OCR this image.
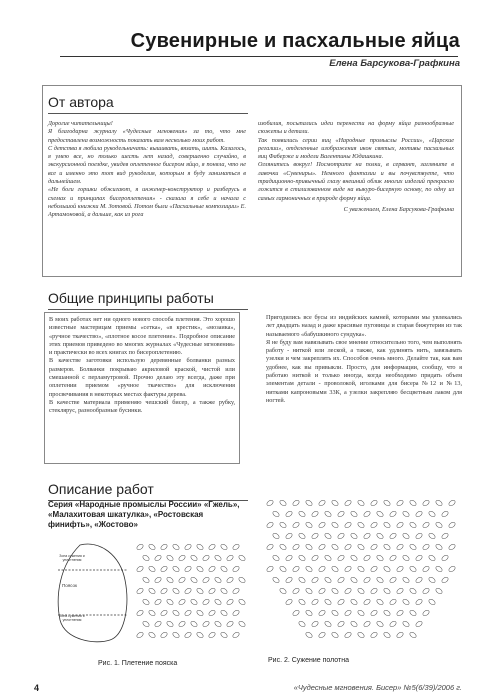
Сувенирные и пасхальные яйца
Елена Барсукова-Графкина
От автора

Дорогие читательницы!

Я благодарна журналу «Чудесные мгновения» за то, что мне предоставлена возможность показать вам несколько моих работ.

С детства я любила рукодельничать: вышивать, вязать, шить. Казалось, я умею все, но только шесть лет назад, совершенно случайно, в экскурсионной поездке, увидев оплетенное бисером яйцо, я поняла, что не все и именно это тот вид рукоделия, которым я буду заниматься в дальнейшем.

«Не боги горшки обжигают, я инженер-конструктор и разберусь в схемах и принципах бисероплетения» - сказала я себе и начала с небольшой книжки М. Зотовой. Потом были «Пасхальные композиции» Е. Артамоновой, а дальше, как из рога

изобилия, посыпались идеи перенести на форму яйца разнообразные сюжеты и детали.

Так появились серии яиц «Народные промыслы России», «Царские регалии», отделенные изображения икон святых, мотивы пасхальных яиц Фаберже и модели Валентины Юдашкина.

Оглянитесь вокруг! Посмотрите на полки, в сервант, загляните в лавочки «Сувениры». Немного фантазии и вы почувствуете, что традиционно-привычный глазу внешний облик многих изделий прекрасно ложится в стилизованном виде на выкуро-бисерную основу, по одну из самых гармоничных в природе форму яйца.

С уважением, Елена Барсукова-Графкина

Общие принципы работы

В моих работах нет ни одного нового способа плетения. Это хорошо известные мастерицам приемы «сетка», «в крестик», «мозаика», «ручное ткачество», «плотное косое плетение». Подробное описание этих приемов приведено во многих журналах «Чудесные мгновения» и практически во всех книгах по бисероплетению.

В качестве заготовки использую деревянные болванки разных размеров. Болванки покрываю акриловой краской, чистой или смешанной с перламутровой. Прочно делаю эту всегда, даже при оплетении приемом «ручное ткачество» для исключения просвечивания в некоторых местах фактуры дерева.

В качестве материала применяю чешский бисер, а также рубку, стеклярус, разнообразные бусинки.

Пригодились все бусы из индийских камней, которыми мы увлекались лет двадцать назад и даже красивые пуговицы и старая бижутерия из так называемого «бабушкиного сундука».

Я не буду вам навязывать свое мнение относительно того, чем выполнять работу - ниткой или леской, а также, как удлинять нить, завязывать узелки и чем закреплять их. Способов очень много. Делайте так, как вам удобнее, как вы привыкли. Просто, для информации, сообщу, что я работаю ниткой и только иногда, когда необходимо придать объем элементам детали - проволокой, иголками для бисера №12 и №13, нитками капроновыми 33К, а узелки закрепляю бесцветным лаком для ногтей.

Описание работ
Серия «Народные промыслы России» «Гжель», «Малахитовая шкатулка», «Ростовская финифть», «Жостово»
Зона сужения и уплотнения
Поясок
Зона сужения и уплотнения
Рис. 1. Плетение пояска	Рис. 2. Сужение полотна
4	«Чудесные мгновения. Бисер» №5(6/39)/2006 г.
